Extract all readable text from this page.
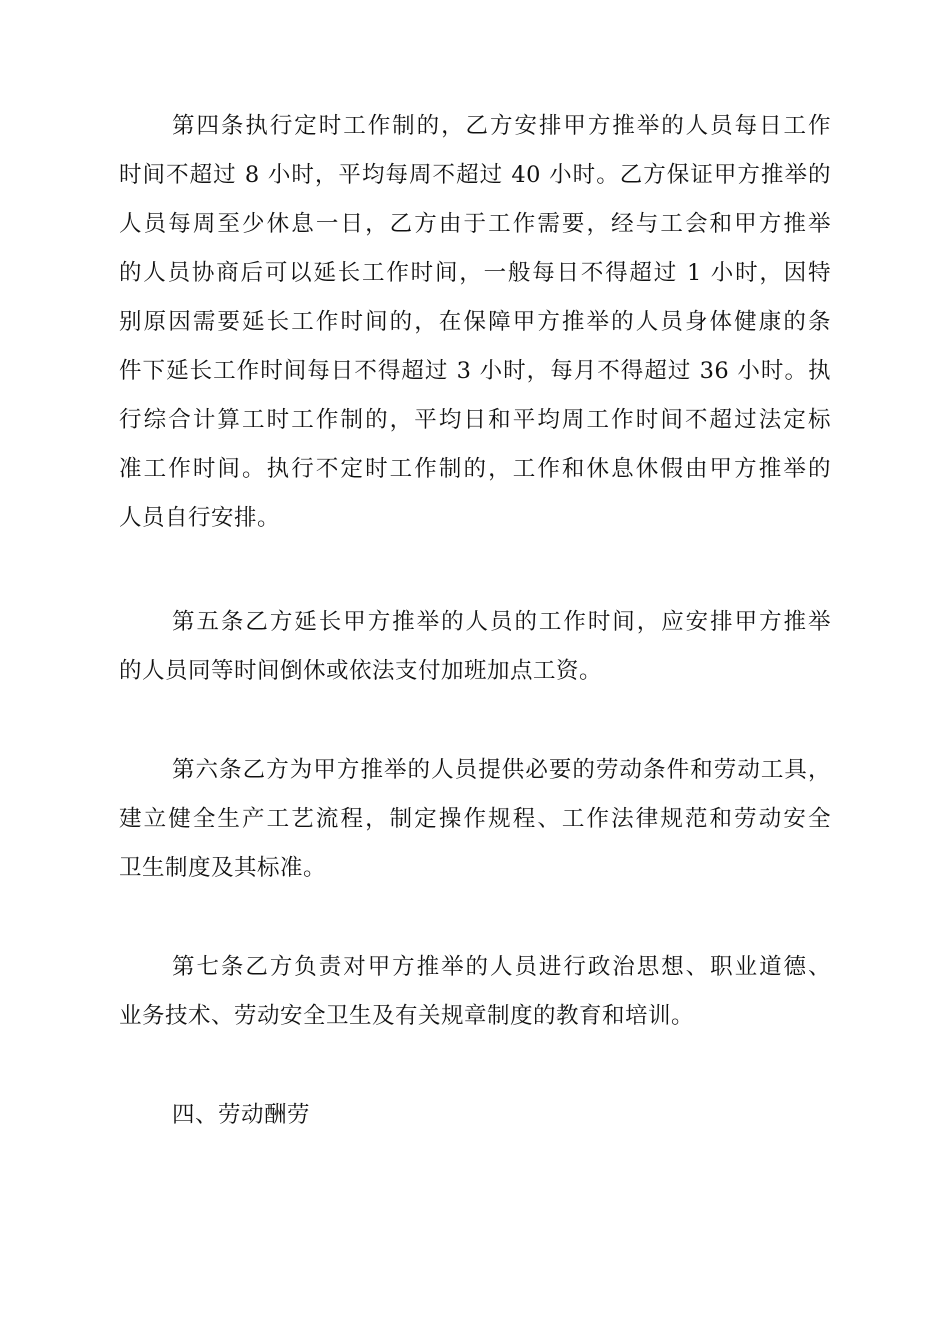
第四条执行定时工作制的，乙方安排甲方推举的人员每日工作
时间不超过 8 小时，平均每周不超过 40 小时。乙方保证甲方推举的
人员每周至少休息一日，乙方由于工作需要，经与工会和甲方推举
的人员协商后可以延长工作时间，一般每日不得超过 1 小时，因特
别原因需要延长工作时间的，在保障甲方推举的人员身体健康的条
件下延长工作时间每日不得超过 3 小时，每月不得超过 36 小时。执
行综合计算工时工作制的，平均日和平均周工作时间不超过法定标
准工作时间。执行不定时工作制的，工作和休息休假由甲方推举的
人员自行安排。
第五条乙方延长甲方推举的人员的工作时间，应安排甲方推举
的人员同等时间倒休或依法支付加班加点工资。
第六条乙方为甲方推举的人员提供必要的劳动条件和劳动工具，
建立健全生产工艺流程，制定操作规程、工作法律规范和劳动安全
卫生制度及其标准。
第七条乙方负责对甲方推举的人员进行政治思想、职业道德、
业务技术、劳动安全卫生及有关规章制度的教育和培训。
四、劳动酬劳
